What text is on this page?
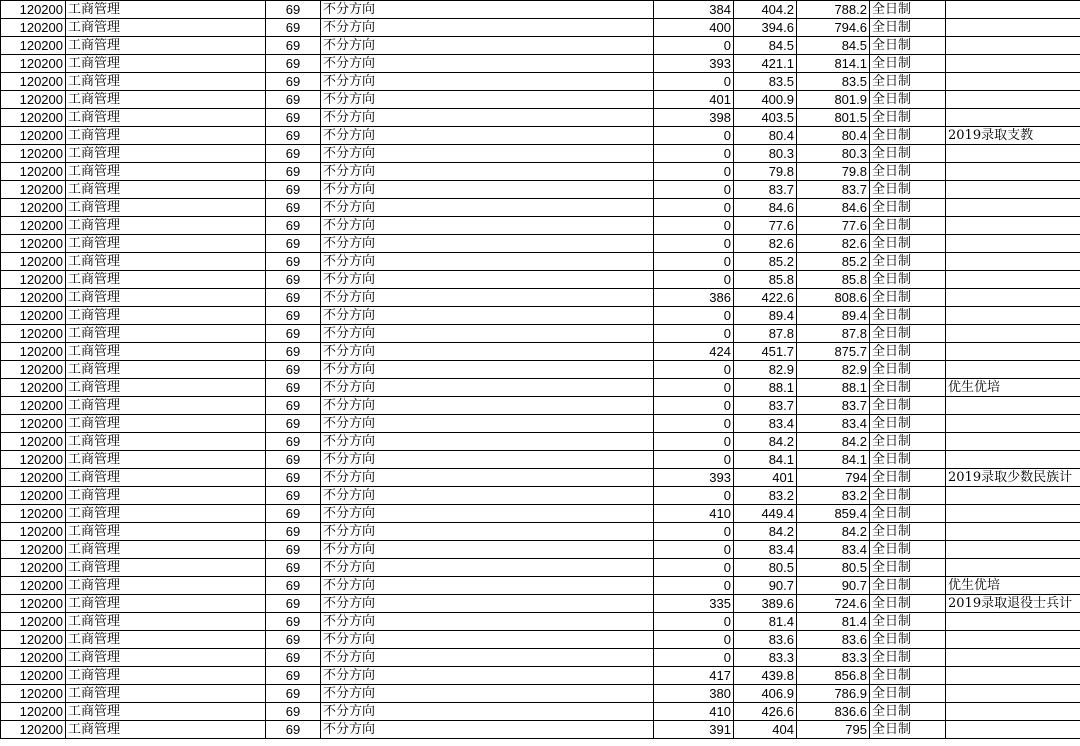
120200	工商管理	69	不分方向	384	404.2	788.2	全日制	
120200	工商管理	69	不分方向	400	394.6	794.6	全日制	
120200	工商管理	69	不分方向	0	84.5	84.5	全日制	
120200	工商管理	69	不分方向	393	421.1	814.1	全日制	
120200	工商管理	69	不分方向	0	83.5	83.5	全日制	
120200	工商管理	69	不分方向	401	400.9	801.9	全日制	
120200	工商管理	69	不分方向	398	403.5	801.5	全日制	
120200	工商管理	69	不分方向	0	80.4	80.4	全日制	2019录取支教
120200	工商管理	69	不分方向	0	80.3	80.3	全日制	
120200	工商管理	69	不分方向	0	79.8	79.8	全日制	
120200	工商管理	69	不分方向	0	83.7	83.7	全日制	
120200	工商管理	69	不分方向	0	84.6	84.6	全日制	
120200	工商管理	69	不分方向	0	77.6	77.6	全日制	
120200	工商管理	69	不分方向	0	82.6	82.6	全日制	
120200	工商管理	69	不分方向	0	85.2	85.2	全日制	
120200	工商管理	69	不分方向	0	85.8	85.8	全日制	
120200	工商管理	69	不分方向	386	422.6	808.6	全日制	
120200	工商管理	69	不分方向	0	89.4	89.4	全日制	
120200	工商管理	69	不分方向	0	87.8	87.8	全日制	
120200	工商管理	69	不分方向	424	451.7	875.7	全日制	
120200	工商管理	69	不分方向	0	82.9	82.9	全日制	
120200	工商管理	69	不分方向	0	88.1	88.1	全日制	优生优培
120200	工商管理	69	不分方向	0	83.7	83.7	全日制	
120200	工商管理	69	不分方向	0	83.4	83.4	全日制	
120200	工商管理	69	不分方向	0	84.2	84.2	全日制	
120200	工商管理	69	不分方向	0	84.1	84.1	全日制	
120200	工商管理	69	不分方向	393	401	794	全日制	2019录取少数民族计
120200	工商管理	69	不分方向	0	83.2	83.2	全日制	
120200	工商管理	69	不分方向	410	449.4	859.4	全日制	
120200	工商管理	69	不分方向	0	84.2	84.2	全日制	
120200	工商管理	69	不分方向	0	83.4	83.4	全日制	
120200	工商管理	69	不分方向	0	80.5	80.5	全日制	
120200	工商管理	69	不分方向	0	90.7	90.7	全日制	优生优培
120200	工商管理	69	不分方向	335	389.6	724.6	全日制	2019录取退役士兵计
120200	工商管理	69	不分方向	0	81.4	81.4	全日制	
120200	工商管理	69	不分方向	0	83.6	83.6	全日制	
120200	工商管理	69	不分方向	0	83.3	83.3	全日制	
120200	工商管理	69	不分方向	417	439.8	856.8	全日制	
120200	工商管理	69	不分方向	380	406.9	786.9	全日制	
120200	工商管理	69	不分方向	410	426.6	836.6	全日制	
120200	工商管理	69	不分方向	391	404	795	全日制	
